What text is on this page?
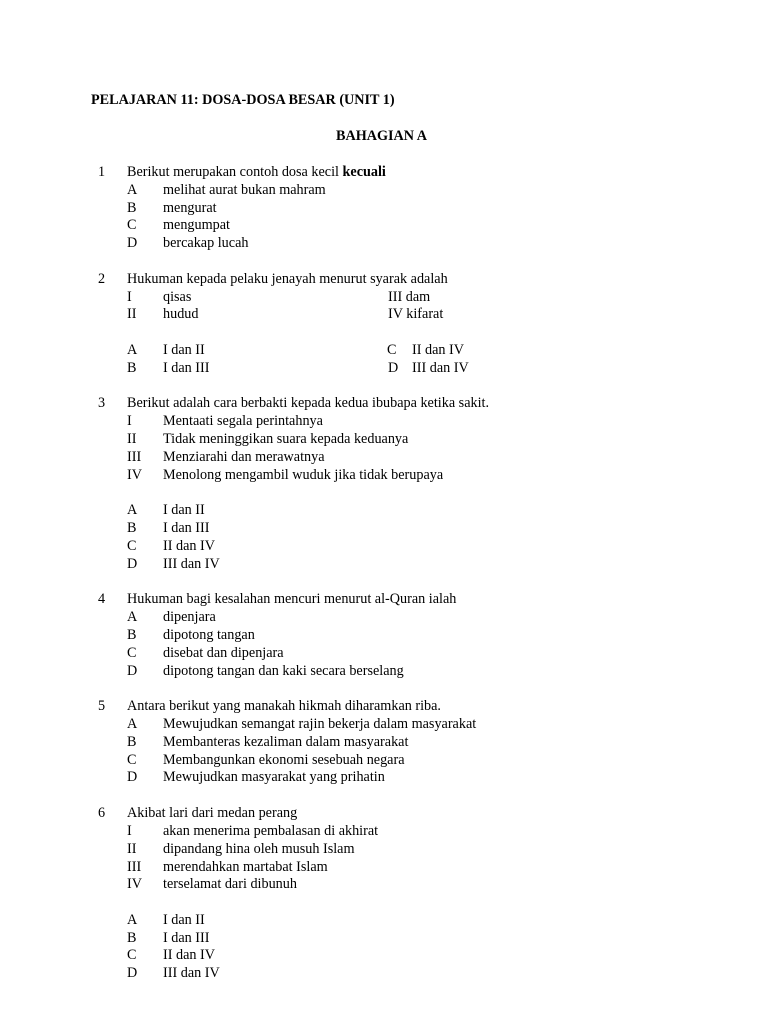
PELAJARAN 11: DOSA-DOSA BESAR (UNIT 1)
BAHAGIAN A
1 Berikut merupakan contoh dosa kecil kecuali
A melihat aurat bukan mahram
B mengurat
C mengumpat
D bercakap lucah
2 Hukuman kepada pelaku jenayah menurut syarak adalah
I qisas	III dam
II hudud	IV kifarat
A I dan II	C II dan IV
B I dan III	D III dan IV
3 Berikut adalah cara berbakti kepada kedua ibubapa ketika sakit.
I Mentaati segala perintahnya
II Tidak meninggikan suara kepada keduanya
III Menziarahi dan merawatnya
IV Menolong mengambil wuduk jika tidak berupaya
A I dan II
B I dan III
C II dan IV
D III dan IV
4 Hukuman bagi kesalahan mencuri menurut al-Quran ialah
A dipenjara
B dipotong tangan
C disebat dan dipenjara
D dipotong tangan dan kaki secara berselang
5 Antara berikut yang manakah hikmah diharamkan riba.
A Mewujudkan semangat rajin bekerja dalam masyarakat
B Membanteras kezaliman dalam masyarakat
C Membangunkan ekonomi sesebuah negara
D Mewujudkan masyarakat yang prihatin
6 Akibat lari dari medan perang
I akan menerima pembalasan di akhirat
II dipandang hina oleh musuh Islam
III merendahkan martabat Islam
IV terselamat dari dibunuh
A I dan II
B I dan III
C II dan IV
D III dan IV
